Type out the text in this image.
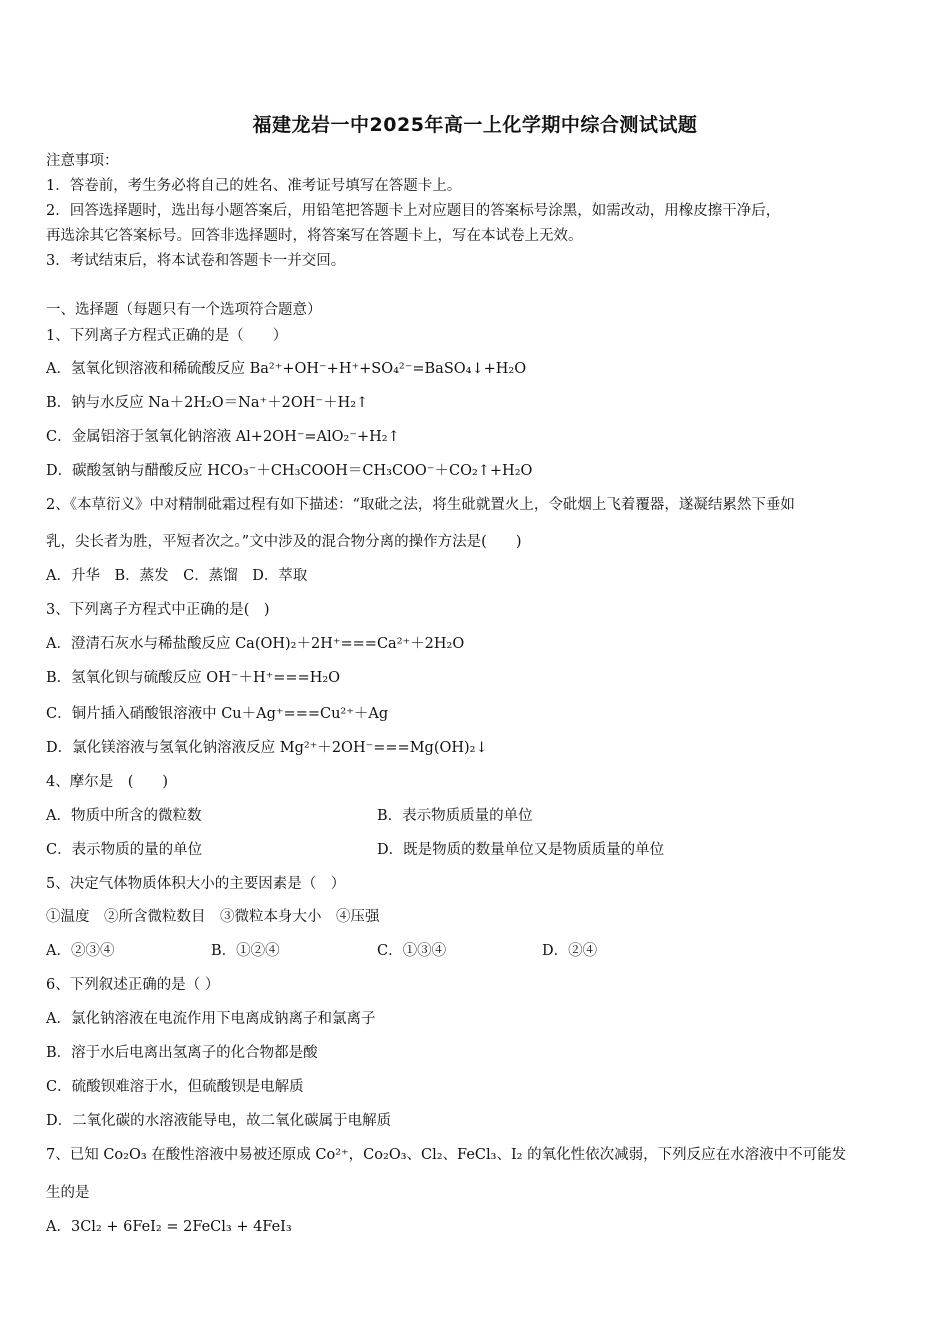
福建龙岩一中2025年高一上化学期中综合测试试题
注意事项：
1．答卷前，考生务必将自己的姓名、准考证号填写在答题卡上。
2．回答选择题时，选出每小题答案后，用铅笔把答题卡上对应题目的答案标号涂黑，如需改动，用橡皮擦干净后，
再选涂其它答案标号。回答非选择题时，将答案写在答题卡上，写在本试卷上无效。
3．考试结束后，将本试卷和答题卡一并交回。
一、选择题（每题只有一个选项符合题意）
1、下列离子方程式正确的是（　　）
A．氢氧化钡溶液和稀硫酸反应 Ba²⁺+OH⁻+H⁺+SO₄²⁻=BaSO₄↓+H₂O
B．钠与水反应 Na＋2H₂O＝Na⁺＋2OH⁻＋H₂↑
C．金属铝溶于氢氧化钠溶液 Al+2OH⁻=AlO₂⁻+H₂↑
D．碳酸氢钠与醋酸反应 HCO₃⁻＋CH₃COOH＝CH₃COO⁻＋CO₂↑+H₂O
2、《本草衍义》中对精制砒霜过程有如下描述：“取砒之法，将生砒就置火上，令砒烟上飞着覆器，遂凝结累然下垂如
乳，尖长者为胜，平短者次之。”文中涉及的混合物分离的操作方法是(　　)
A．升华　B．蒸发　C．蒸馏　D．萃取
3、下列离子方程式中正确的是(　)
A．澄清石灰水与稀盐酸反应 Ca(OH)₂＋2H⁺===Ca²⁺＋2H₂O
B．氢氧化钡与硫酸反应 OH⁻＋H⁺===H₂O
C．铜片插入硝酸银溶液中 Cu＋Ag⁺===Cu²⁺＋Ag
D．氯化镁溶液与氢氧化钠溶液反应 Mg²⁺＋2OH⁻===Mg(OH)₂↓
4、摩尔是　(　　)
A．物质中所含的微粒数	B．表示物质质量的单位
C．表示物质的量的单位	D．既是物质的数量单位又是物质质量的单位
5、决定气体物质体积大小的主要因素是（　）
①温度　②所含微粒数目　③微粒本身大小　④压强
A．②③④	B．①②④	C．①③④	D．②④
6、下列叙述正确的是（ ）
A．氯化钠溶液在电流作用下电离成钠离子和氯离子
B．溶于水后电离出氢离子的化合物都是酸
C．硫酸钡难溶于水，但硫酸钡是电解质
D．二氧化碳的水溶液能导电，故二氧化碳属于电解质
7、已知 Co₂O₃ 在酸性溶液中易被还原成 Co²⁺，Co₂O₃、Cl₂、FeCl₃、I₂ 的氧化性依次减弱，下列反应在水溶液中不可能发
生的是
A．3Cl₂ + 6FeI₂ = 2FeCl₃ + 4FeI₃
